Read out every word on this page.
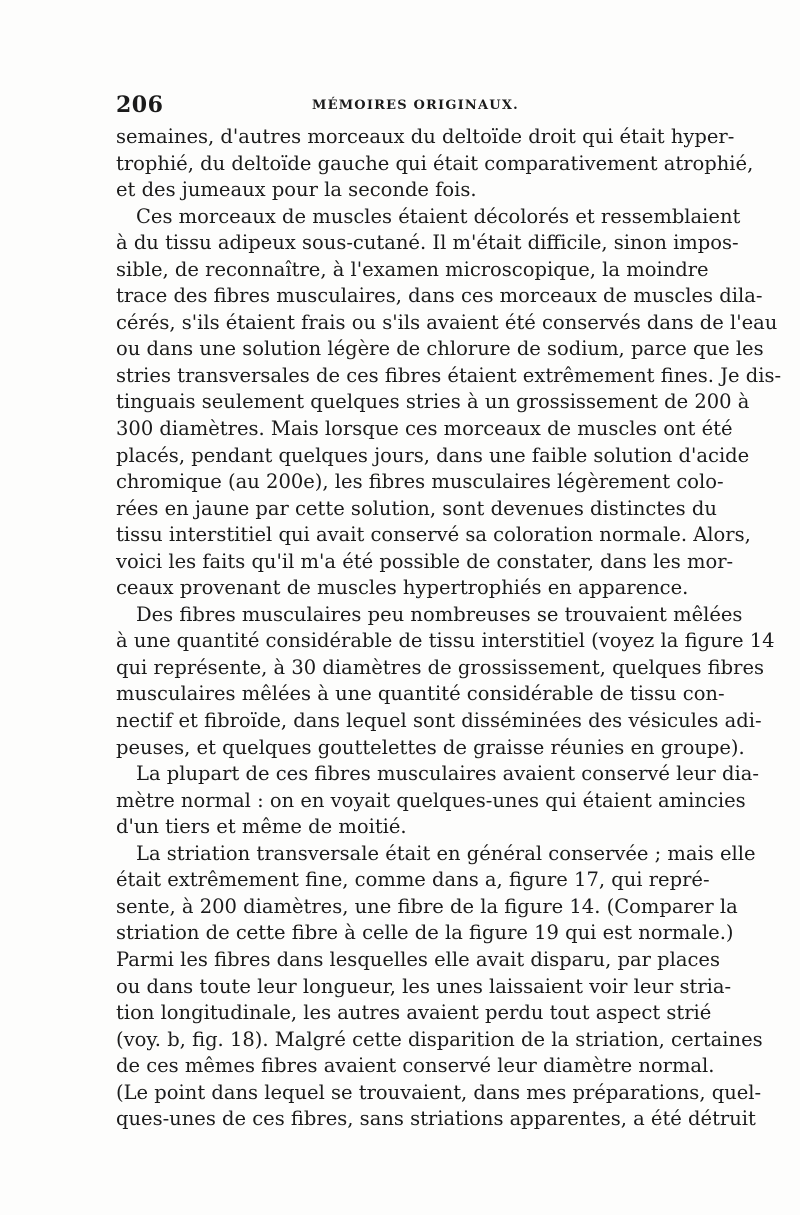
206	MÉMOIRES ORIGINAUX.
semaines, d'autres morceaux du deltoïde droit qui était hyper-
trophié, du deltoïde gauche qui était comparativement atrophié,
et des jumeaux pour la seconde fois.
Ces morceaux de muscles étaient décolorés et ressemblaient
à du tissu adipeux sous-cutané. Il m'était difficile, sinon impos-
sible, de reconnaître, à l'examen microscopique, la moindre
trace des fibres musculaires, dans ces morceaux de muscles dila-
cérés, s'ils étaient frais ou s'ils avaient été conservés dans de l'eau
ou dans une solution légère de chlorure de sodium, parce que les
stries transversales de ces fibres étaient extrêmement fines. Je dis-
tinguais seulement quelques stries à un grossissement de 200 à
300 diamètres. Mais lorsque ces morceaux de muscles ont été
placés, pendant quelques jours, dans une faible solution d'acide
chromique (au 200e), les fibres musculaires légèrement colo-
rées en jaune par cette solution, sont devenues distinctes du
tissu interstitiel qui avait conservé sa coloration normale. Alors,
voici les faits qu'il m'a été possible de constater, dans les mor-
ceaux provenant de muscles hypertrophiés en apparence.
Des fibres musculaires peu nombreuses se trouvaient mêlées
à une quantité considérable de tissu interstitiel (voyez la figure 14
qui représente, à 30 diamètres de grossissement, quelques fibres
musculaires mêlées à une quantité considérable de tissu con-
nectif et fibroïde, dans lequel sont disséminées des vésicules adi-
peuses, et quelques gouttelettes de graisse réunies en groupe).
La plupart de ces fibres musculaires avaient conservé leur dia-
mètre normal : on en voyait quelques-unes qui étaient amincies
d'un tiers et même de moitié.
La striation transversale était en général conservée ; mais elle
était extrêmement fine, comme dans a, figure 17, qui repré-
sente, à 200 diamètres, une fibre de la figure 14. (Comparer la
striation de cette fibre à celle de la figure 19 qui est normale.)
Parmi les fibres dans lesquelles elle avait disparu, par places
ou dans toute leur longueur, les unes laissaient voir leur stria-
tion longitudinale, les autres avaient perdu tout aspect strié
(voy. b, fig. 18). Malgré cette disparition de la striation, certaines
de ces mêmes fibres avaient conservé leur diamètre normal.
(Le point dans lequel se trouvaient, dans mes préparations, quel-
ques-unes de ces fibres, sans striations apparentes, a été détruit
